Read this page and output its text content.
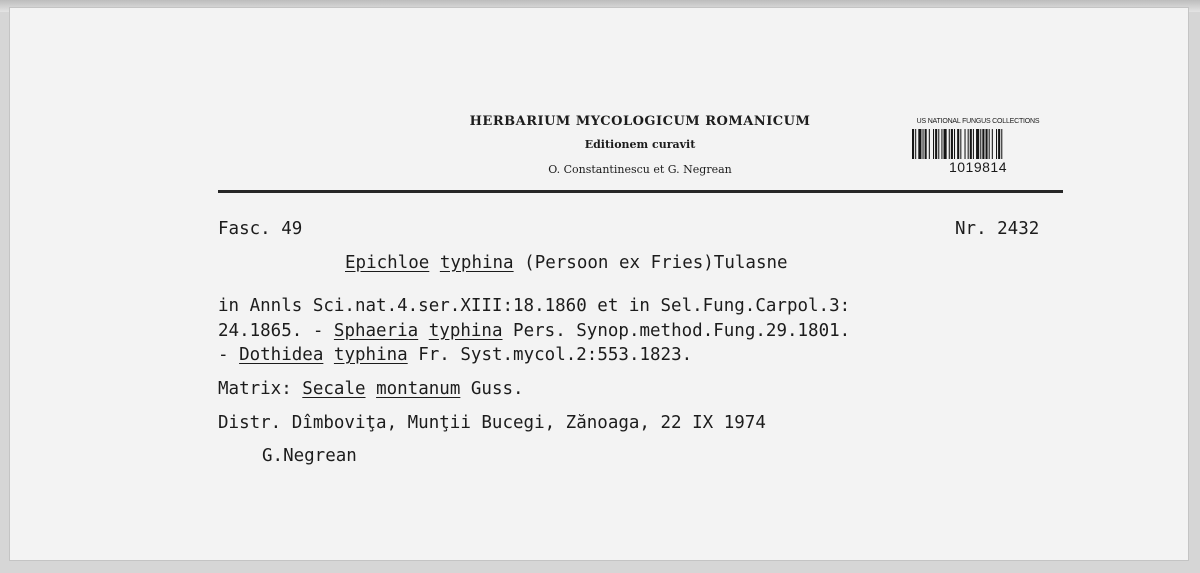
HERBARIUM MYCOLOGICUM ROMANICUM
Editionem curavit
O. Constantinescu et G. Negrean
US NATIONAL FUNGUS COLLECTIONS
1019814
Fasc. 49	Nr. 2432
Epichloe typhina (Persoon ex Fries)Tulasne
in Annls Sci.nat.4.ser.XIII:18.1860 et in Sel.Fung.Carpol.3:
24.1865. - Sphaeria typhina Pers. Synop.method.Fung.29.1801.
- Dothidea typhina Fr. Syst.mycol.2:553.1823.
Matrix: Secale montanum Guss.
Distr. Dîmboviţa, Munţii Bucegi, Zănoaga, 22 IX 1974
G.Negrean
